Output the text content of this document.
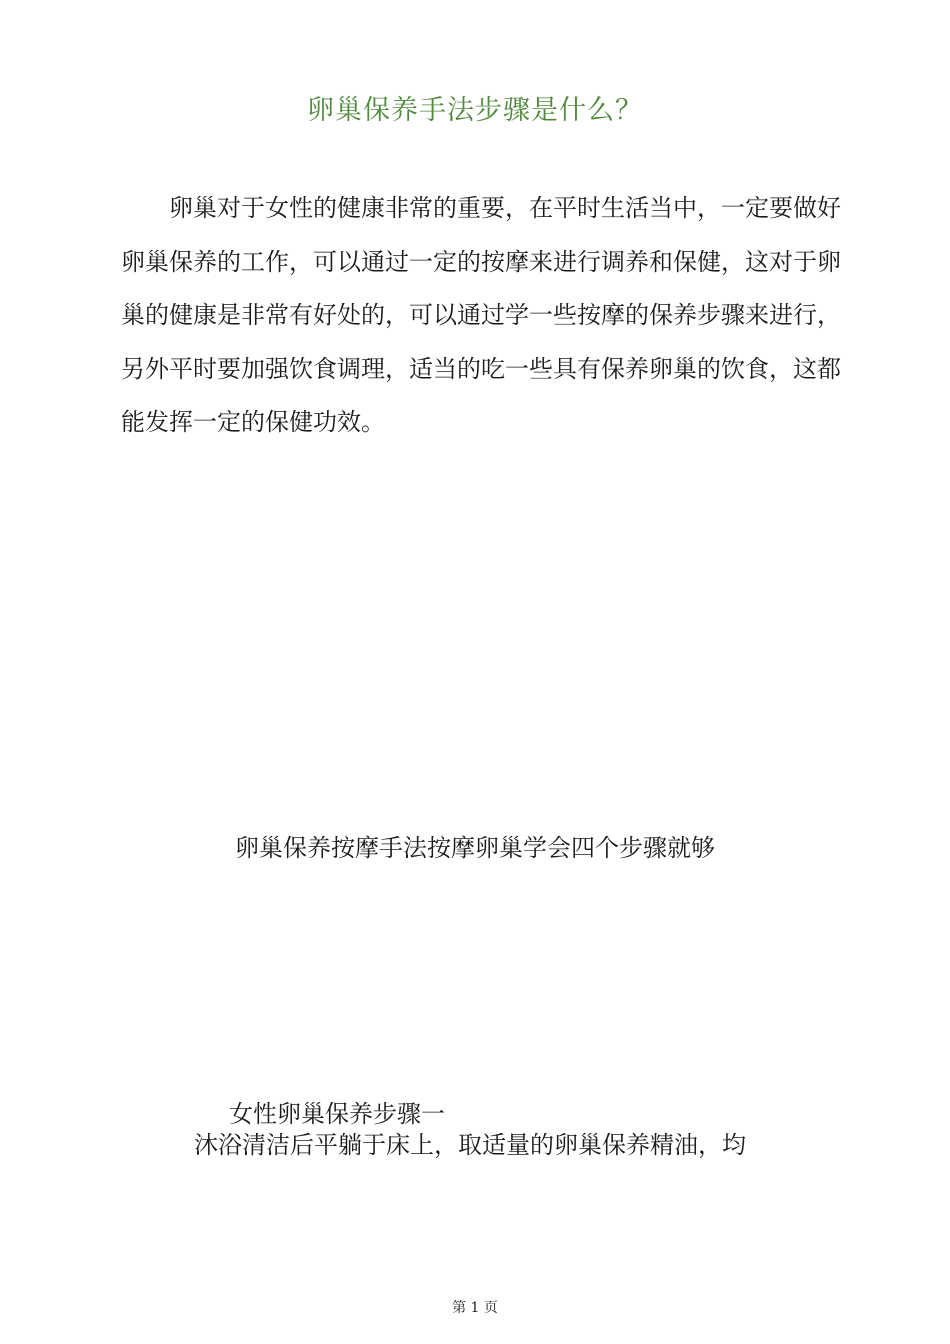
卵巢保养手法步骤是什么？

卵巢对于女性的健康非常的重要，在平时生活当中，一定要做好卵巢保养的工作，可以通过一定的按摩来进行调养和保健，这对于卵巢的健康是非常有好处的，可以通过学一些按摩的保养步骤来进行，另外平时要加强饮食调理，适当的吃一些具有保养卵巢的饮食，这都能发挥一定的保健功效。

卵巢保养按摩手法按摩卵巢学会四个步骤就够
女性卵巢保养步骤一

沐浴清洁后平躺于床上，取适量的卵巢保养精油，均

第 1 页
